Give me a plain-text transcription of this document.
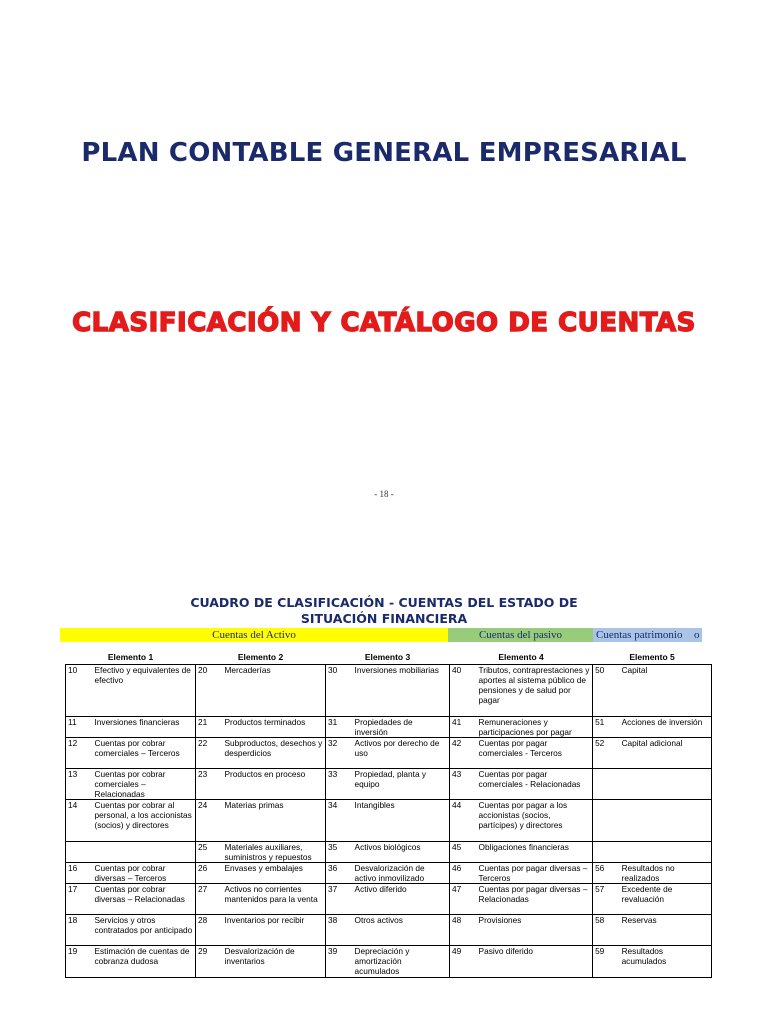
PLAN CONTABLE GENERAL EMPRESARIAL
CLASIFICACIÓN Y CATÁLOGO DE CUENTAS
- 18 -
CUADRO DE CLASIFICACIÓN - CUENTAS DEL ESTADO DE
SITUACIÓN FINANCIERA
Cuentas del Activo	Cuentas del pasivo	Cuentas patrimonio	o
Elemento 1		Elemento 2		Elemento 3		Elemento 4		Elemento 5	
10	Efectivo y equivalentes de efectivo	20	Mercaderías	30	Inversiones mobiliarias	40	Tributos, contraprestaciones y aportes al sistema público de pensiones y de salud por pagar	50	Capital
11	Inversiones financieras	21	Productos terminados	31	Propiedades de inversión	41	Remuneraciones y participaciones por pagar	51	Acciones de inversión
12	Cuentas por cobrar comerciales – Terceros	22	Subproductos, desechos y desperdicios	32	Activos por derecho de uso	42	Cuentas por pagar comerciales - Terceros	52	Capital adicional
13	Cuentas por cobrar comerciales – Relacionadas	23	Productos en proceso	33	Propiedad, planta y equipo	43	Cuentas por pagar comerciales - Relacionadas		
14	Cuentas por cobrar al personal, a los accionistas (socios) y directores	24	Materias primas	34	Intangibles	44	Cuentas por pagar a los accionistas (socios, partícipes) y directores		
		25	Materiales auxiliares, suministros y repuestos	35	Activos biológicos	45	Obligaciones financieras		
16	Cuentas por cobrar diversas – Terceros	26	Envases y embalajes	36	Desvalorización de activo inmovilizado	46	Cuentas por pagar diversas – Terceros	56	Resultados no realizados
17	Cuentas por cobrar diversas – Relacionadas	27	Activos no corrientes mantenidos para la venta	37	Activo diferido	47	Cuentas por pagar diversas – Relacionadas	57	Excedente de revaluación
18	Servicios y otros contratados por anticipado	28	Inventarios por recibir	38	Otros activos	48	Provisiones	58	Reservas
19	Estimación de cuentas de cobranza dudosa	29	Desvalorización de inventarios	39	Depreciación y amortización acumulados	49	Pasivo diferido	59	Resultados acumulados
